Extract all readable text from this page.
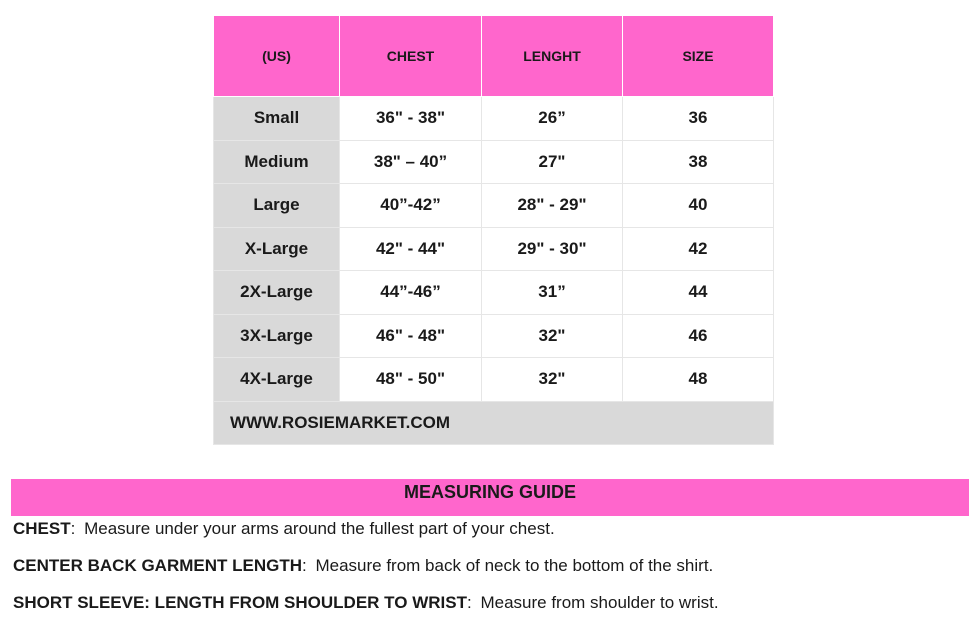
(US)	CHEST	LENGHT	SIZE
Small	36" - 38"	26”	36
Medium	38" – 40”	27"	38
Large	40”-42”	28" - 29"	40
X-Large	42" - 44"	29" - 30"	42
2X-Large	44”-46”	31”	44
3X-Large	46" - 48"	32"	46
4X-Large	48" - 50"	32"	48
WWW.ROSIEMARKET.COM			
MEASURING GUIDE
CHEST: Measure under your arms around the fullest part of your chest.
CENTER BACK GARMENT LENGTH: Measure from back of neck to the bottom of the shirt.
SHORT SLEEVE: LENGTH FROM SHOULDER TO WRIST: Measure from shoulder to wrist.
